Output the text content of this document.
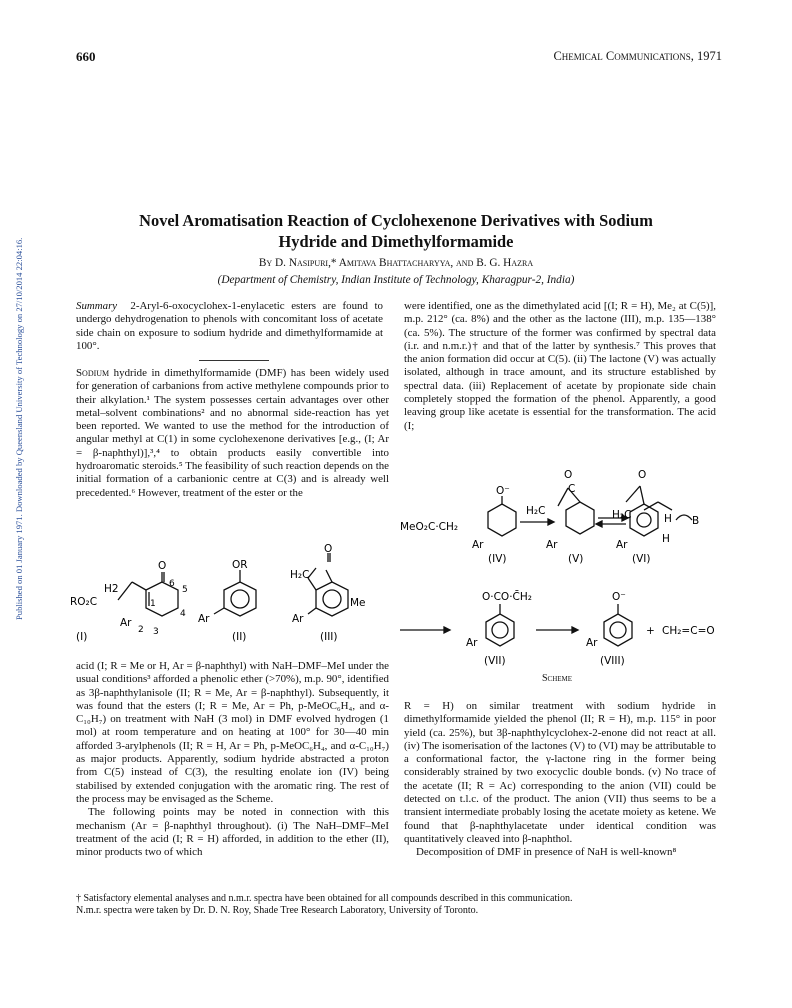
Published on 01 January 1971. Downloaded by Queensland University of Technology on 27/10/2014 22:04:16.
660	Chemical Communications, 1971
Novel Aromatisation Reaction of Cyclohexenone Derivatives with Sodium
Hydride and Dimethylformamide
By D. Nasipuri,* Amitava Bhattacharyya, and B. G. Hazra
(Department of Chemistry, Indian Institute of Technology, Kharagpur-2, India)

Summary 2-Aryl-6-oxocyclohex-1-enylacetic esters are found to undergo dehydrogenation to phenols with concomitant loss of acetate side chain on exposure to sodium hydride and dimethylformamide at 100°.

Sodium hydride in dimethylformamide (DMF) has been widely used for generation of carbanions from active methylene compounds prior to their alkylation.¹ The system possesses certain advantages over other metal–solvent combinations² and no abnormal side-reaction has yet been reported. We wanted to use the method for the introduction of angular methyl at C(1) in some cyclohexenone derivatives [e.g., (I; Ar = β-naphthyl)],³,⁴ to obtain products easily convertible into hydroaromatic steroids.⁵ The feasibility of such reaction depends on the initial formation of a carbanionic centre at C(3) and is already well precedented.⁶ However, treatment of the ester or the

were identified, one as the dimethylated acid [(I; R = H), Me₂ at C(5)], m.p. 212° (ca. 8%) and the other as the lactone (III), m.p. 135—138° (ca. 5%). The structure of the former was confirmed by spectral data (i.r. and n.m.r.)† and that of the latter by synthesis.⁷ This proves that the anion formation did occur at C(5). (ii) The lactone (V) was actually isolated, although in trace amount, and its structure established by spectral data. (iii) Replacement of acetate by propionate side chain completely stopped the formation of the phenol. Apparently, a good leaving group like acetate is essential for the transformation. The acid (I;

H2
O
RO₂C
Ar
1
2 3
4
5
6
(I)
OR
Ar
(II)
O
H₂C
Me
Ar
(III)
MeO₂C·CH₂
O⁻
Ar
(IV)
O
C
H₂C
Ar
(V)
O
H₂C
Ar
H B
H
(VI)
O·CO·C̄H₂
Ar
(VII)
O⁻
Ar
(VIII)
+ CH₂=C=O
Scheme

acid (I; R = Me or H, Ar = β-naphthyl) with NaH–DMF–MeI under the usual conditions³ afforded a phenolic ether (>70%), m.p. 90°, identified as 3β-naphthylanisole (II; R = Me, Ar = β-naphthyl). Subsequently, it was found that the esters (I; R = Me, Ar = Ph, p-MeOC₆H₄, and α-C₁₀H₇) on treatment with NaH (3 mol) in DMF evolved hydrogen (1 mol) at room temperature and on heating at 100° for 30—40 min afforded 3-arylphenols (II; R = H, Ar = Ph, p-MeOC₆H₄, and α-C₁₀H₇) as major products. Apparently, sodium hydride abstracted a proton from C(5) instead of C(3), the resulting enolate ion (IV) being stabilised by extended conjugation with the aromatic ring. The rest of the process may be envisaged as the Scheme.

The following points may be noted in connection with this mechanism (Ar = β-naphthyl throughout). (i) The NaH–DMF–MeI treatment of the acid (I; R = H) afforded, in addition to the ether (II), minor products two of which

R = H) on similar treatment with sodium hydride in dimethylformamide yielded the phenol (II; R = H), m.p. 115° in poor yield (ca. 25%), but 3β-naphthylcyclohex-2-enone did not react at all. (iv) The isomerisation of the lactones (V) to (VI) may be attributable to a conformational factor, the γ-lactone ring in the former being considerably strained by two exocyclic double bonds. (v) No trace of the acetate (II; R = Ac) corresponding to the anion (VII) could be detected on t.l.c. of the product. The anion (VII) thus seems to be a transient intermediate probably losing the acetate moiety as ketene. We found that β-naphthylacetate under identical condition was quantitatively cleaved into β-naphthol.

Decomposition of DMF in presence of NaH is well-known⁸

† Satisfactory elemental analyses and n.m.r. spectra have been obtained for all compounds described in this communication.
N.m.r. spectra were taken by Dr. D. N. Roy, Shade Tree Research Laboratory, University of Toronto.
